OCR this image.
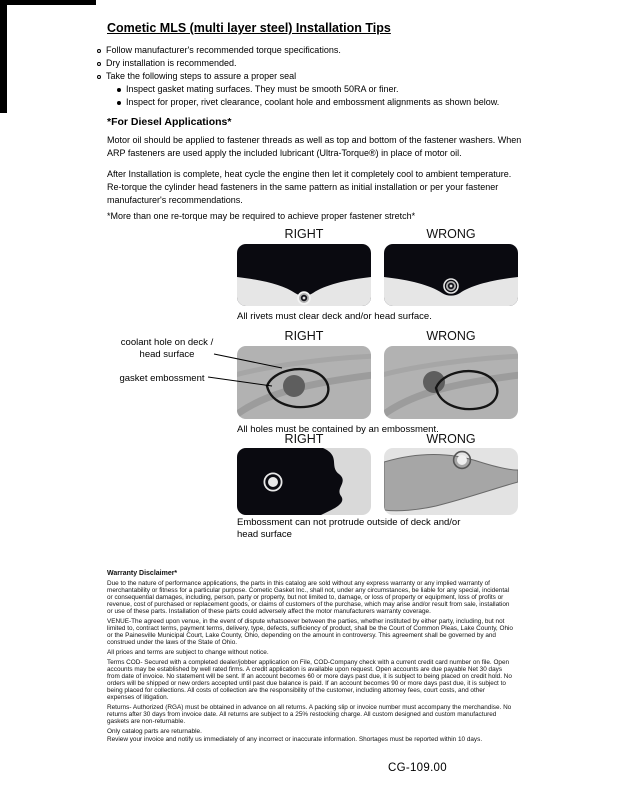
Cometic MLS (multi layer steel) Installation Tips
Follow manufacturer's recommended torque specifications.
Dry installation is recommended.
Take the following steps to assure a proper seal
Inspect gasket mating surfaces. They must be smooth 50RA or finer.
Inspect for proper, rivet clearance, coolant hole and embossment alignments as shown below.
*For Diesel Applications*
Motor oil should be applied to fastener threads as well as top and bottom of the fastener washers. When ARP fasteners are used apply the included lubricant (Ultra-Torque®) in place of motor oil.
After Installation is complete, heat cycle the engine then let it completely cool to ambient temperature. Re-torque the cylinder head fasteners in the same pattern as initial installation or per your fastener manufacturer's recommendations.
*More than one re-torque may be required to achieve proper fastener stretch*
RIGHT	WRONG
All rivets must clear deck and/or head surface.
RIGHT	WRONG
coolant hole on deck / head surface
gasket embossment
All holes must be contained by an embossment.
RIGHT	WRONG
Embossment can not protrude outside of deck and/or head surface
Warranty Disclaimer*

Due to the nature of performance applications, the parts in this catalog are sold without any express warranty or any implied warranty of merchantability or fitness for a particular purpose. Cometic Gasket Inc., shall not, under any circumstances, be liable for any special, incidental or consequential damages, including, person, party or property, but not limited to, damage, or loss of property or equipment, loss of profits or revenue, cost of purchased or replacement goods, or claims of customers of the purchase, which may arise and/or result from sale, installation or use of these parts. Installation of these parts could adversely affect the motor manufacturers warranty coverage.

VENUE-The agreed upon venue, in the event of dispute whatsoever between the parties, whether instituted by either party, including, but not limited to, contract terms, payment terms, delivery, type, defects, sufficiency of product, shall be the Court of Common Pleas, Lake County, Ohio or the Painesville Municipal Court, Lake County, Ohio, depending on the amount in controversy. This agreement shall be governed by and construed under the laws of the State of Ohio.

All prices and terms are subject to change without notice.

Terms COD- Secured with a completed dealer/jobber application on File, COD-Company check with a current credit card number on file. Open accounts may be established by well rated firms. A credit application is available upon request. Open accounts are due payable Net 30 days from date of invoice. No statement will be sent. If an account becomes 60 or more days past due, it is subject to being placed on credit hold. No orders will be shipped or new orders accepted until past due balance is paid. If an account becomes 90 or more days past due, it is subject to being placed for collections. All costs of collection are the responsibility of the customer, including attorney fees, court costs, and other expenses of litigation.

Returns- Authorized (RGA) must be obtained in advance on all returns. A packing slip or invoice number must accompany the merchandise. No returns after 30 days from invoice date. All returns are subject to a 25% restocking charge. All custom designed and custom manufactured gaskets are non-returnable.

Only catalog parts are returnable.

Review your invoice and notify us immediately of any incorrect or inaccurate information. Shortages must be reported within 10 days.

CG-109.00
